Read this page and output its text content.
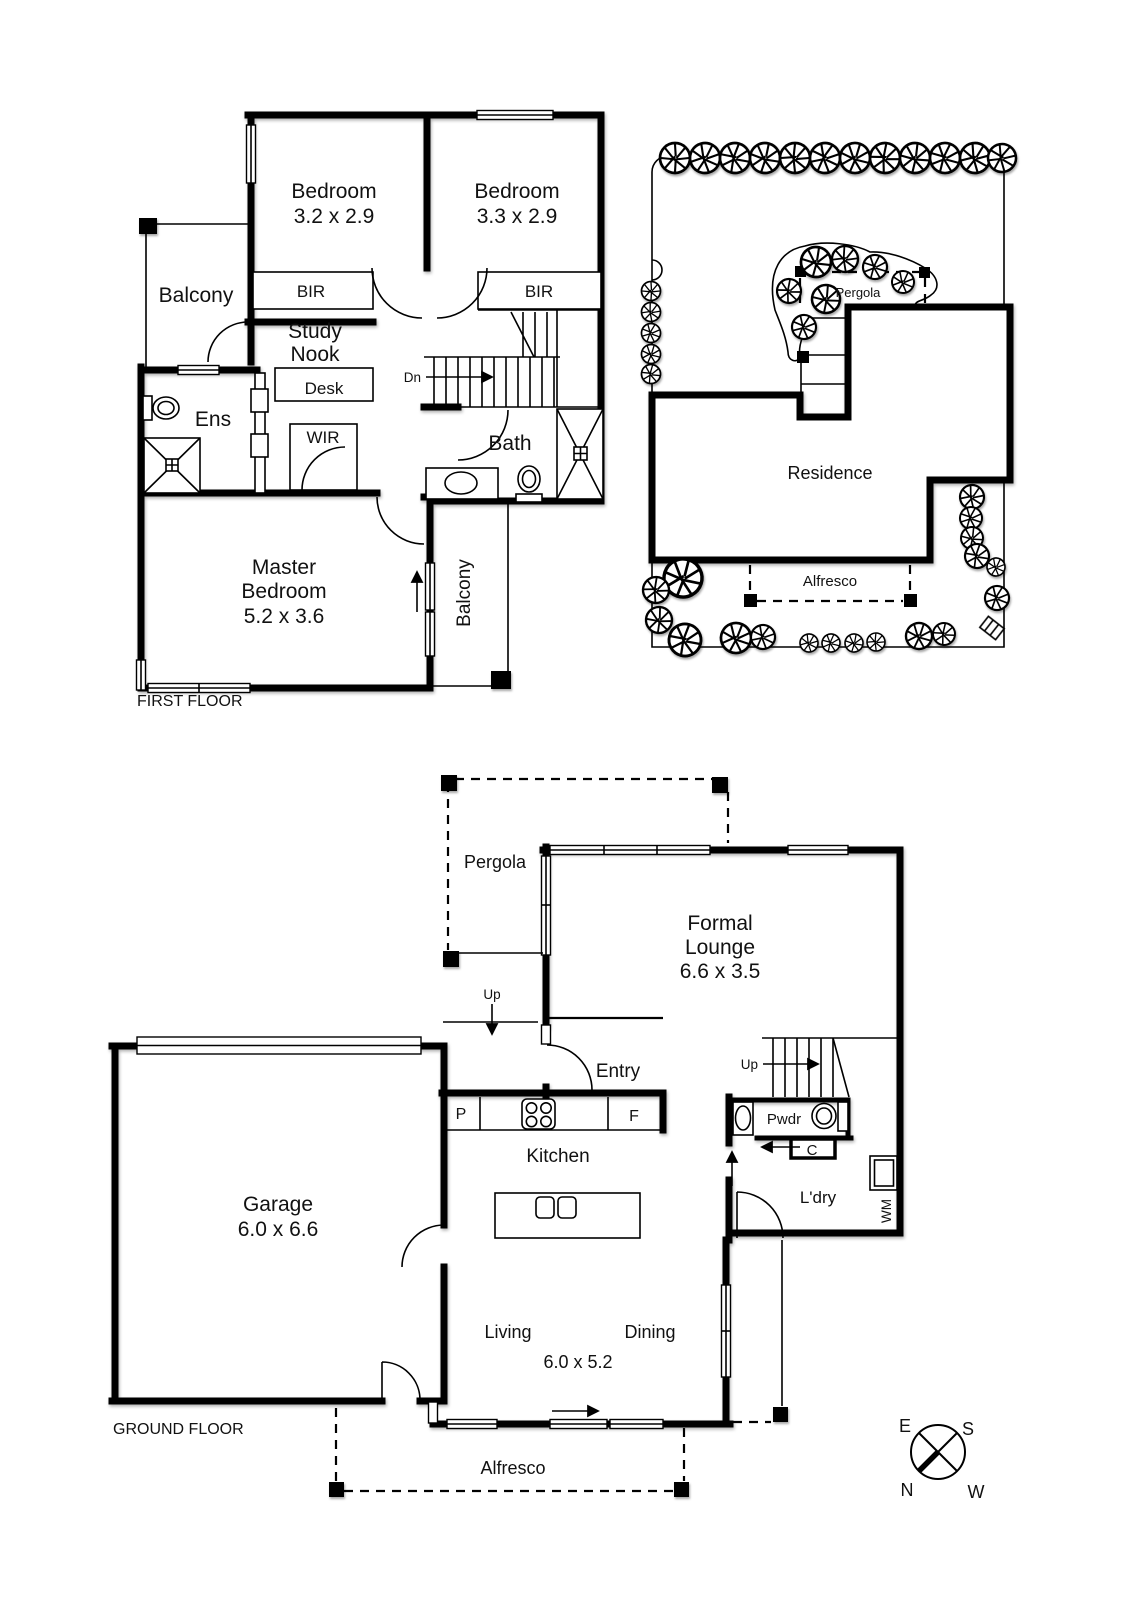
Bedroom
3.2 x 2.9
Bedroom
3.3 x 2.9
Balcony	BIR	BIR
Study
Nook
Desk
Ens
WIR
Dn
Bath
Master
Bedroom
5.2 x 3.6	Balcony
FIRST FLOOR
Pergola
Residence
Alfresco
Pergola
Formal
Lounge
6.6 x 3.5
Up
Entry	Up
P	F
Kitchen
Pwdr
C
L'dry
WM
Garage
6.0 x 6.6
Living	Dining
6.0 x 5.2
Alfresco
GROUND FLOOR	E	S
N	W
